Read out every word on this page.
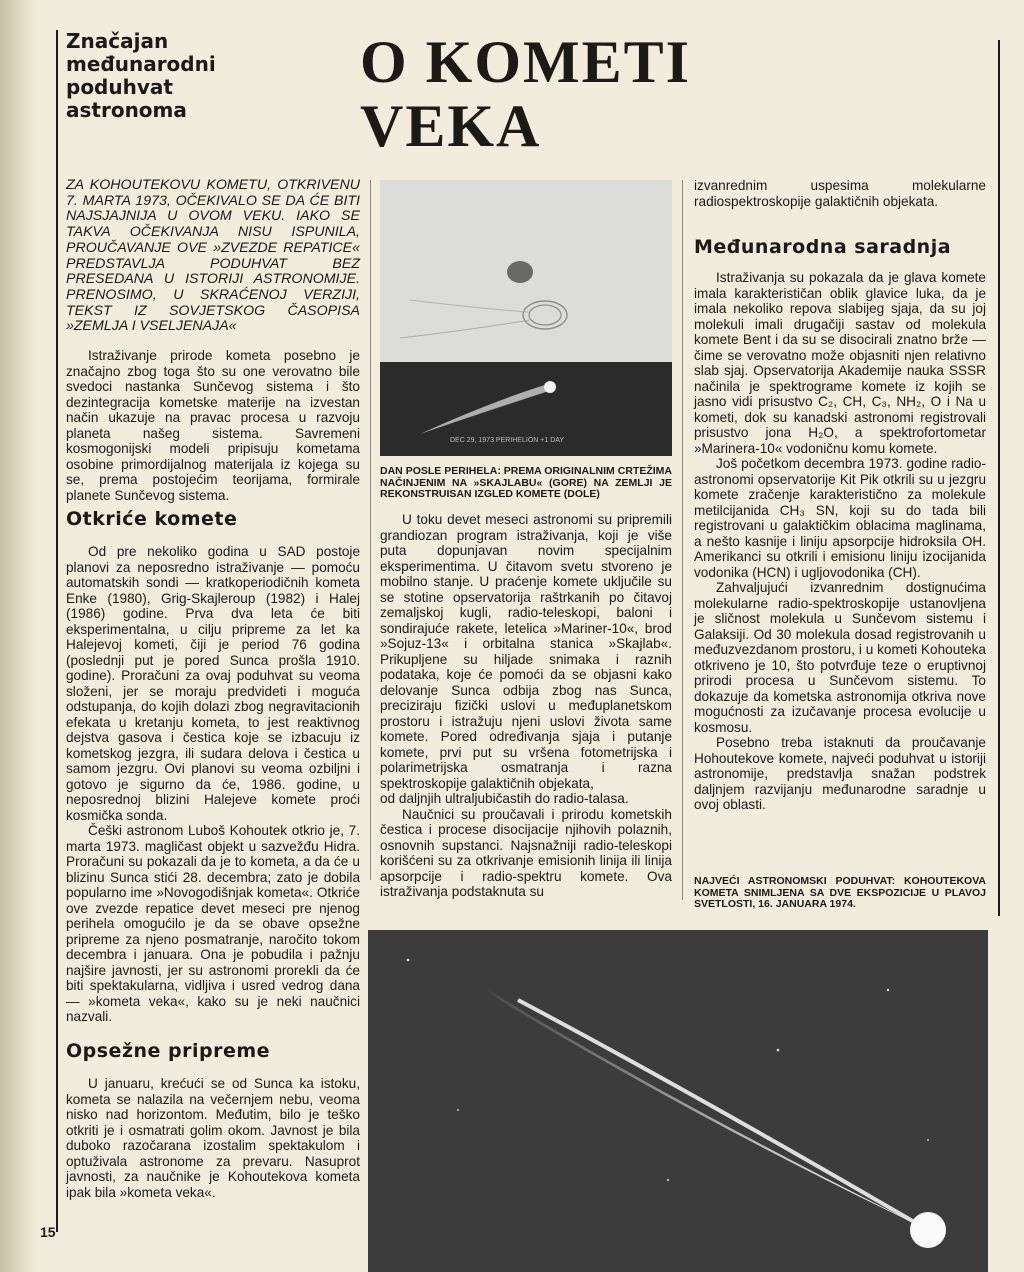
Značajan međunarodni poduhvat astronoma
O KOMETI
VEKA
ZA KOHOUTEKOVU KOMETU, OTKRIVENU 7. MARTA 1973, OČEKIVALO SE DA ĆE BITI NAJSJAJNIJA U OVOM VEKU. IAKO SE TAKVA OČEKIVANJA NISU ISPUNILA, PROUČAVANJE OVE »ZVEZDE REPATICE« PREDSTAVLJA PODUHVAT BEZ PRESEDANA U ISTORIJI ASTRONOMIJE. PRENOSIMO, U SKRAĆENOJ VERZIJI, TEKST IZ SOVJETSKOG ČASOPISA »ZEMLJA I VSELJENAJA«

Istraživanje prirode kometa posebno je značajno zbog toga što su one verovatno bile svedoci nastanka Sunčevog sistema i što dezintegracija kometske materije na izvestan način ukazuje na pravac procesa u razvoju planeta našeg sistema. Savremeni kosmogonijski modeli pripisuju kometama osobine primordijalnog materijala iz kojega su se, prema postojećim teorijama, formirale planete Sunčevog sistema.

Otkriće komete

Od pre nekoliko godina u SAD postoje planovi za neposredno istraživanje — pomoću automatskih sondi — kratkoperiodičnih kometa Enke (1980), Grig-Skajleroup (1982) i Halej (1986) godine. Prva dva leta će biti eksperimentalna, u cilju pripreme za let ka Halejevoj kometi, čiji je period 76 godina (poslednji put je pored Sunca prošla 1910. godine). Proračuni za ovaj poduhvat su veoma složeni, jer se moraju predvideti i moguća odstupanja, do kojih dolazi zbog negravitacionih efekata u kretanju kometa, to jest reaktivnog dejstva gasova i čestica koje se izbacuju iz kometskog jezgra, ili sudara delova i čestica u samom jezgru. Ovi planovi su veoma ozbiljni i gotovo je sigurno da će, 1986. godine, u neposrednoj blizini Halejeve komete proći kosmička sonda.

Češki astronom Luboš Kohoutek otkrio je, 7. marta 1973. magličast objekt u sazvežđu Hidra. Proračuni su pokazali da je to kometa, a da će u blizinu Sunca stići 28. decembra; zato je dobila popularno ime »Novogodišnjak kometa«. Otkriće ove zvezde repatice devet meseci pre njenog perihela omogućilo je da se obave opsežne pripreme za njeno posmatranje, naročito tokom decembra i januara. Ona je pobudila i pažnju najšire javnosti, jer su astronomi prorekli da će biti spektakularna, vidljiva i usred vedrog dana — »kometa veka«, kako su je neki naučnici nazvali.

Opsežne pripreme

U januaru, krećući se od Sunca ka istoku, kometa se nalazila na večernjem nebu, veoma nisko nad horizontom. Međutim, bilo je teško otkriti je i osmatrati golim okom. Javnost je bila duboko razočarana izostalim spektakulom i optuživala astronome za prevaru. Nasuprot javnosti, za naučnike je Kohoutekova kometa ipak bila »kometa veka«.

DEC 29, 1973 PERIHELION +1 DAY
DAN POSLE PERIHELA: PREMA ORIGINALNIM CRTEŽIMA NAČINJENIM NA »SKAJLABU« (GORE) NA ZEMLJI JE REKONSTRUISAN IZGLED KOMETE (DOLE)

U toku devet meseci astronomi su pripremili grandiozan program istraživanja, koji je više puta dopunjavan novim specijalnim eksperimentima. U čitavom svetu stvoreno je mobilno stanje. U praćenje komete uključile su se stotine opservatorija raštrkanih po čitavoj zemaljskoj kugli, radio-teleskopi, baloni i sondirajuće rakete, letelica »Mariner-10«, brod »Sojuz-13« i orbitalna stanica »Skajlab«. Prikupljene su hiljade snimaka i raznih podataka, koje će pomoći da se objasni kako delovanje Sunca odbija zbog nas Sunca, preciziraju fizički uslovi u međuplanetskom prostoru i istražuju njeni uslovi života same komete. Pored određivanja sjaja i putanje komete, prvi put su vršena fotometrijska i polarimetrijska osmatranja i razna spektroskopije galaktičnih objekata,

od daljnjih ultraljubičastih do radio-talasa.

Naučnici su proučavali i prirodu kometskih čestica i procese disocijacije njihovih polaznih, osnovnih supstanci. Najsnažniji radio-teleskopi korišćeni su za otkrivanje emisionih linija ili linija apsorpcije i radio-spektru komete. Ova istraživanja podstaknuta su

izvanrednim uspesima molekularne radiospektroskopije galaktičnih objekata.

Međunarodna saradnja

Istraživanja su pokazala da je glava komete imala karakterističan oblik glavice luka, da je imala nekoliko repova slabijeg sjaja, da su joj molekuli imali drugačiji sastav od molekula komete Bent i da su se disocirali znatno brže — čime se verovatno može objasniti njen relativno slab sjaj. Opservatorija Akademije nauka SSSR načinila je spektrograme komete iz kojih se jasno vidi prisustvo C₂, CH, C₃, NH₂, O i Na u kometi, dok su kanadski astronomi registrovali prisustvo jona H₂O, a spektrofortometar »Marinera-10« vodoničnu komu komete.

Još početkom decembra 1973. godine radio-astronomi opservatorije Kit Pik otkrili su u jezgru komete zračenje karakteristično za molekule metilcijanida CH₃ SN, koji su do tada bili registrovani u galaktičkim oblacima maglinama, a nešto kasnije i liniju apsorpcije hidroksila OH. Amerikanci su otkrili i emisionu liniju izocijanida vodonika (HCN) i ugljovodonika (CH).

Zahvaljujući izvanrednim dostignućima molekularne radio-spektroskopije ustanovljena je sličnost molekula u Sunčevom sistemu i Galaksiji. Od 30 molekula dosad registrovanih u međuzvezdanom prostoru, i u kometi Kohouteka otkriveno je 10, što potvrđuje teze o eruptivnoj prirodi procesa u Sunčevom sistemu. To dokazuje da kometska astronomija otkriva nove mogućnosti za izučavanje procesa evolucije u kosmosu.

Posebno treba istaknuti da proučavanje Hohoutekove komete, najveći poduhvat u istoriji astronomije, predstavlja snažan podstrek daljnjem razvijanju međunarodne saradnje u ovoj oblasti.

NAJVEĆI ASTRONOMSKI PODUHVAT: KOHOUTEKOVA KOMETA SNIMLJENA SA DVE EKSPOZICIJE U PLAVOJ SVETLOSTI, 16. JANUARA 1974.
15
